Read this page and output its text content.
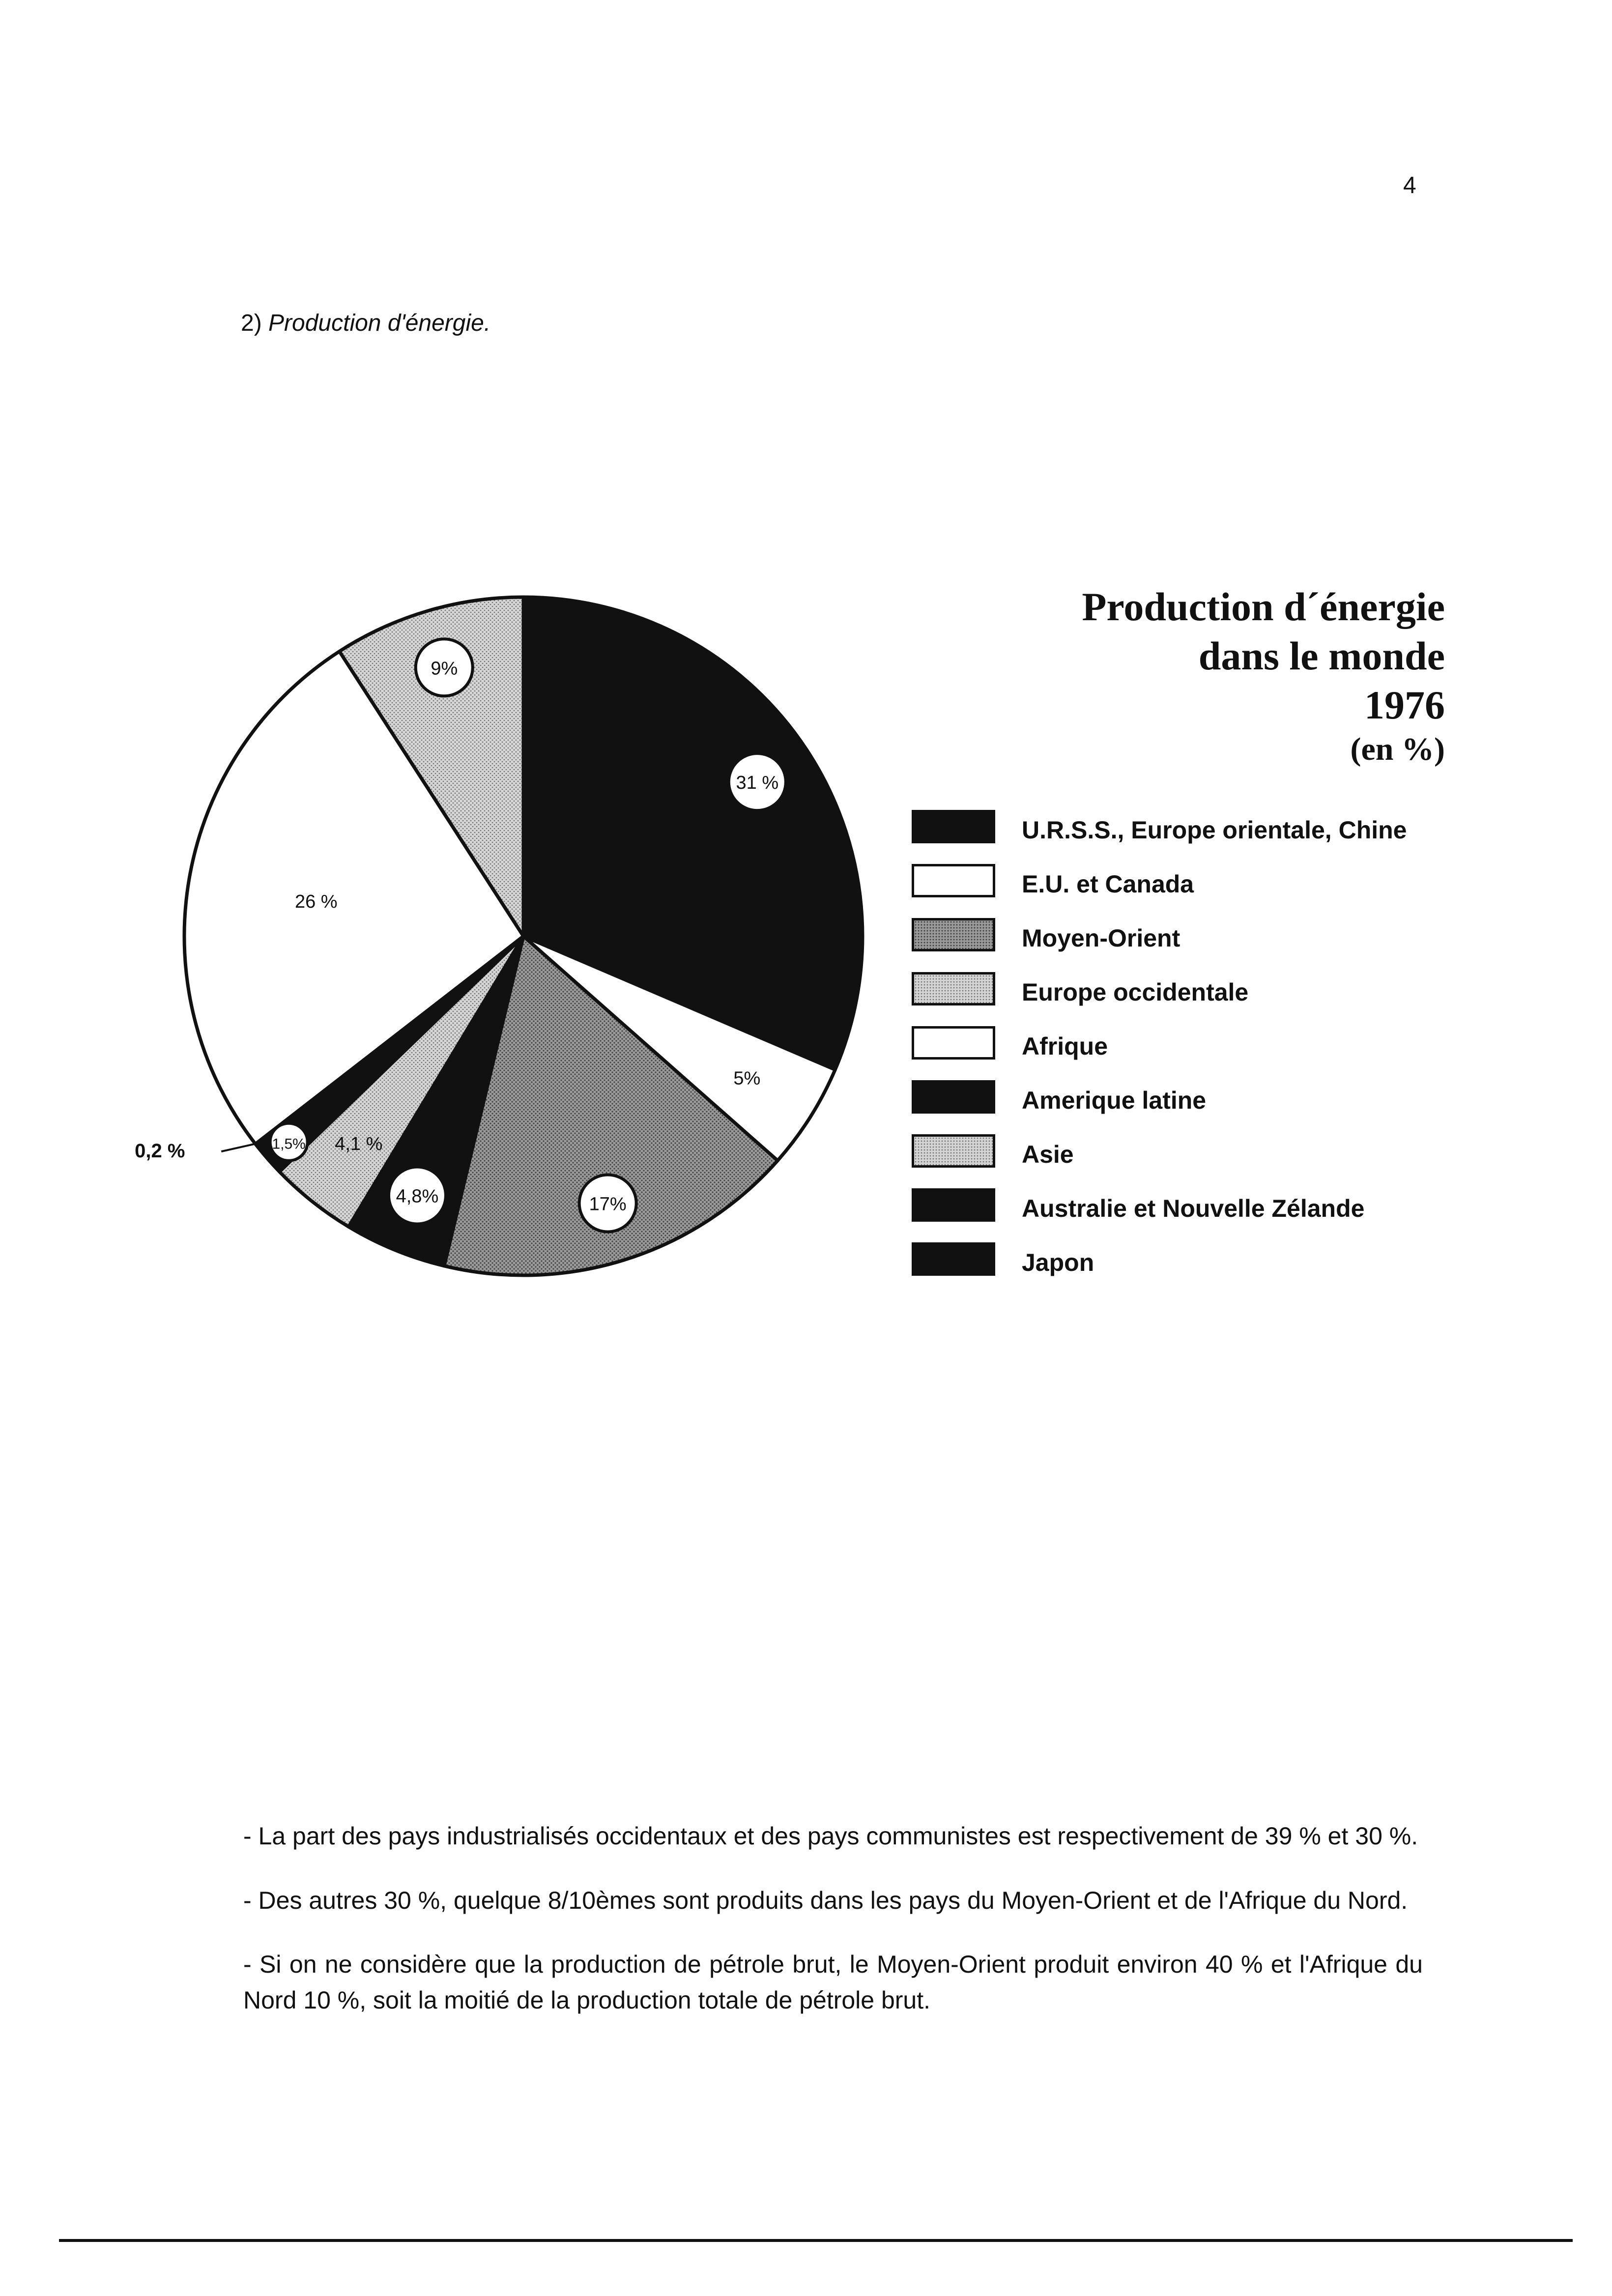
4
2) Production d'énergie.
31 %
5%
17%
4,8%
4,1 %
1,5%
0,2 %
26 %
9%
Production d´énergie
dans le monde
1976
(en %)
U.R.S.S., Europe orientale, Chine
E.U. et Canada
Moyen-Orient
Europe occidentale
Afrique
Amerique latine
Asie
Australie et Nouvelle Zélande
Japon

- La part des pays industrialisés occidentaux et des pays communistes est respectivement de 39 % et 30 %.

- Des autres 30 %, quelque 8/10èmes sont produits dans les pays du Moyen-Orient et de l'Afrique du Nord.

- Si on ne considère que la production de pétrole brut, le Moyen-Orient produit environ 40 % et l'Afrique du Nord 10 %, soit la moitié de la production totale de pétrole brut.
